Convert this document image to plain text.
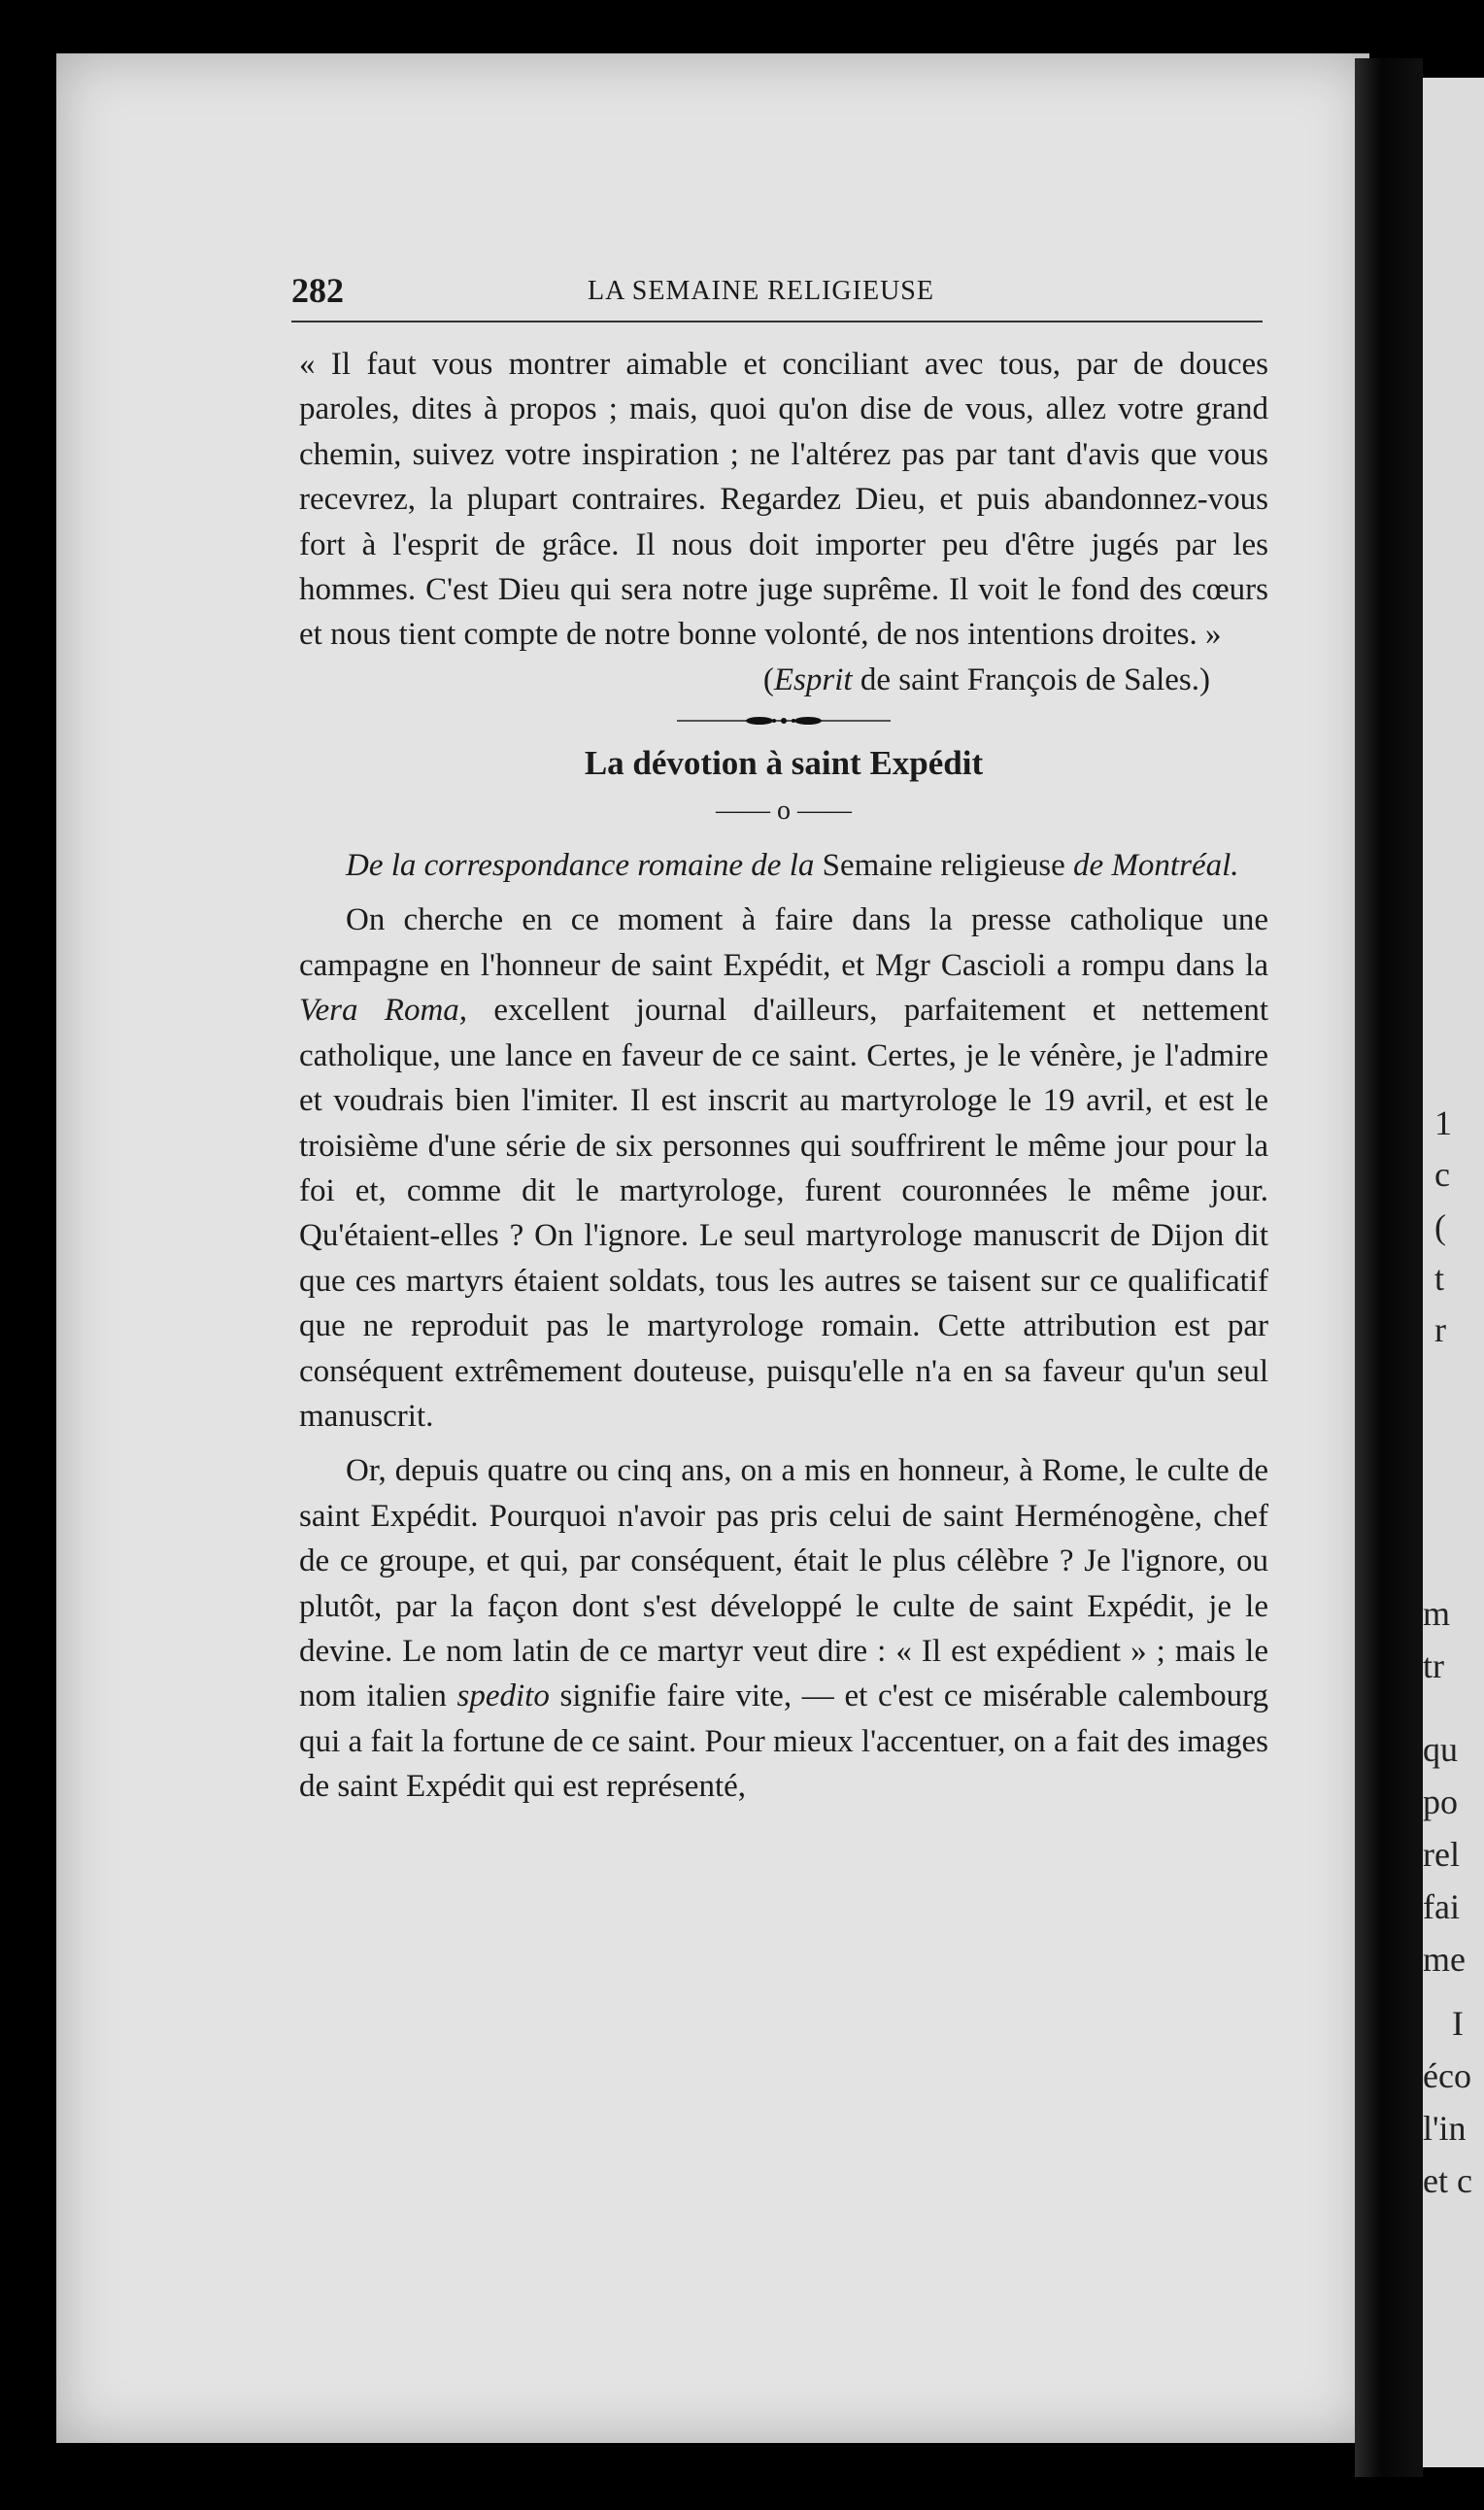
1
c
(
t
r
m
tr
qu
po
rel
fai
me
I
éco
l'in
et c
282	LA SEMAINE RELIGIEUSE

« Il faut vous montrer aimable et conciliant avec tous, par de douces paroles, dites à propos ; mais, quoi qu'on dise de vous, allez votre grand chemin, suivez votre inspiration ; ne l'altérez pas par tant d'avis que vous recevrez, la plupart contraires. Regardez Dieu, et puis abandonnez-vous fort à l'esprit de grâce. Il nous doit importer peu d'être jugés par les hommes. C'est Dieu qui sera notre juge suprême. Il voit le fond des cœurs et nous tient compte de notre bonne volonté, de nos intentions droites. »

(Esprit de saint François de Sales.)

La dévotion à saint Expédit
—— o ——

De la correspondance romaine de la Semaine religieuse de Montréal.

On cherche en ce moment à faire dans la presse catholique une campagne en l'honneur de saint Expédit, et Mgr Cascioli a rompu dans la Vera Roma, excellent journal d'ailleurs, parfaitement et nettement catholique, une lance en faveur de ce saint. Certes, je le vénère, je l'admire et voudrais bien l'imiter. Il est inscrit au martyrologe le 19 avril, et est le troisième d'une série de six personnes qui souffrirent le même jour pour la foi et, comme dit le martyrologe, furent couronnées le même jour. Qu'étaient-elles ? On l'ignore. Le seul martyrologe manuscrit de Dijon dit que ces martyrs étaient soldats, tous les autres se taisent sur ce qualificatif que ne reproduit pas le martyrologe romain. Cette attribution est par conséquent extrêmement douteuse, puisqu'elle n'a en sa faveur qu'un seul manuscrit.

Or, depuis quatre ou cinq ans, on a mis en honneur, à Rome, le culte de saint Expédit. Pourquoi n'avoir pas pris celui de saint Herménogène, chef de ce groupe, et qui, par conséquent, était le plus célèbre ? Je l'ignore, ou plutôt, par la façon dont s'est développé le culte de saint Expédit, je le devine. Le nom latin de ce martyr veut dire : « Il est expédient » ; mais le nom italien spedito signifie faire vite, — et c'est ce misérable calembourg qui a fait la fortune de ce saint. Pour mieux l'accentuer, on a fait des images de saint Expédit qui est représenté,
